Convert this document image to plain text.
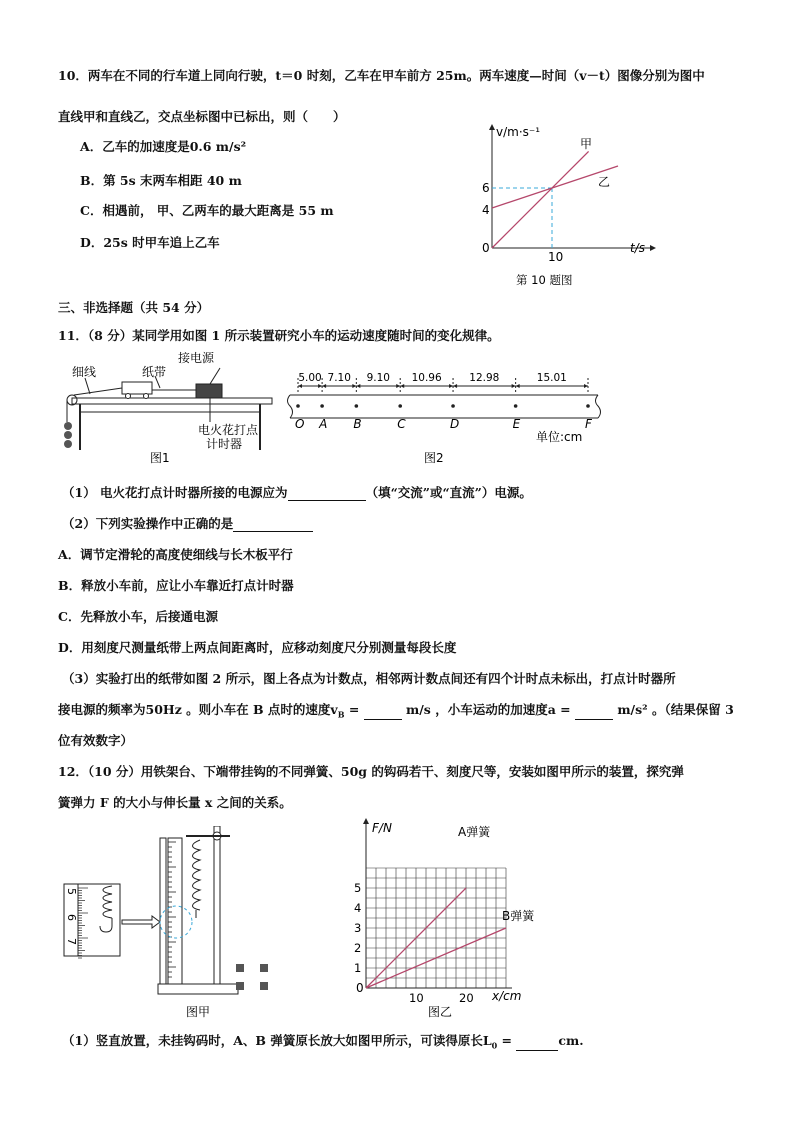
10．两车在不同的行车道上同向行驶，t＝0 时刻，乙车在甲车前方 25m。两车速度—时间（v－t）图像分别为图中
直线甲和直线乙，交点坐标图中已标出，则（　　）
A．乙车的加速度是0.6 m/s²
B．第 5s 末两车相距 40 m
C．相遇前， 甲、乙两车的最大距离是 55 m
D．25s 时甲车追上乙车
v/m·s⁻¹
t/s
0
6
4
10
甲
乙
第 10 题图
三、非选择题（共 54 分）
11．（8 分）某同学用如图 1 所示装置研究小车的运动速度随时间的变化规律。
细线	纸带
接电源
电火花打点
计时器
图1
O A B	C	D	E	F
5.00 7.10 9.10 10.96	12.98	15.01
单位:cm
图2
（1） 电火花打点计时器所接的电源应为	（填“交流”或“直流”）电源。
（2）下列实验操作中正确的是
A．调节定滑轮的高度使细线与长木板平行
B．释放小车前，应让小车靠近打点计时器
C．先释放小车，后接通电源
D．用刻度尺测量纸带上两点间距离时，应移动刻度尺分别测量每段长度
（3）实验打出的纸带如图 2 所示，图上各点为计数点，相邻两计数点间还有四个计时点未标出，打点计时器所
接电源的频率为50Hz 。则小车在 B 点时的速度$v_B$ =	m/s ，小车运动的加速度a =	m/s² 。（结果保留 3
位有效数字）
12．（10 分）用铁架台、下端带挂钩的不同弹簧、50g 的钩码若干、刻度尺等，安装如图甲所示的装置，探究弹
簧弹力 F 的大小与伸长量 x 之间的关系。
5
6
7
图甲
5
4
3
2
1
10	20
F/N
x/cm
0
A弹簧
B弹簧
图乙
（1）竖直放置，未挂钩码时，A、B 弹簧原长放大如图甲所示，可读得原长$L_0$ =	cm.
